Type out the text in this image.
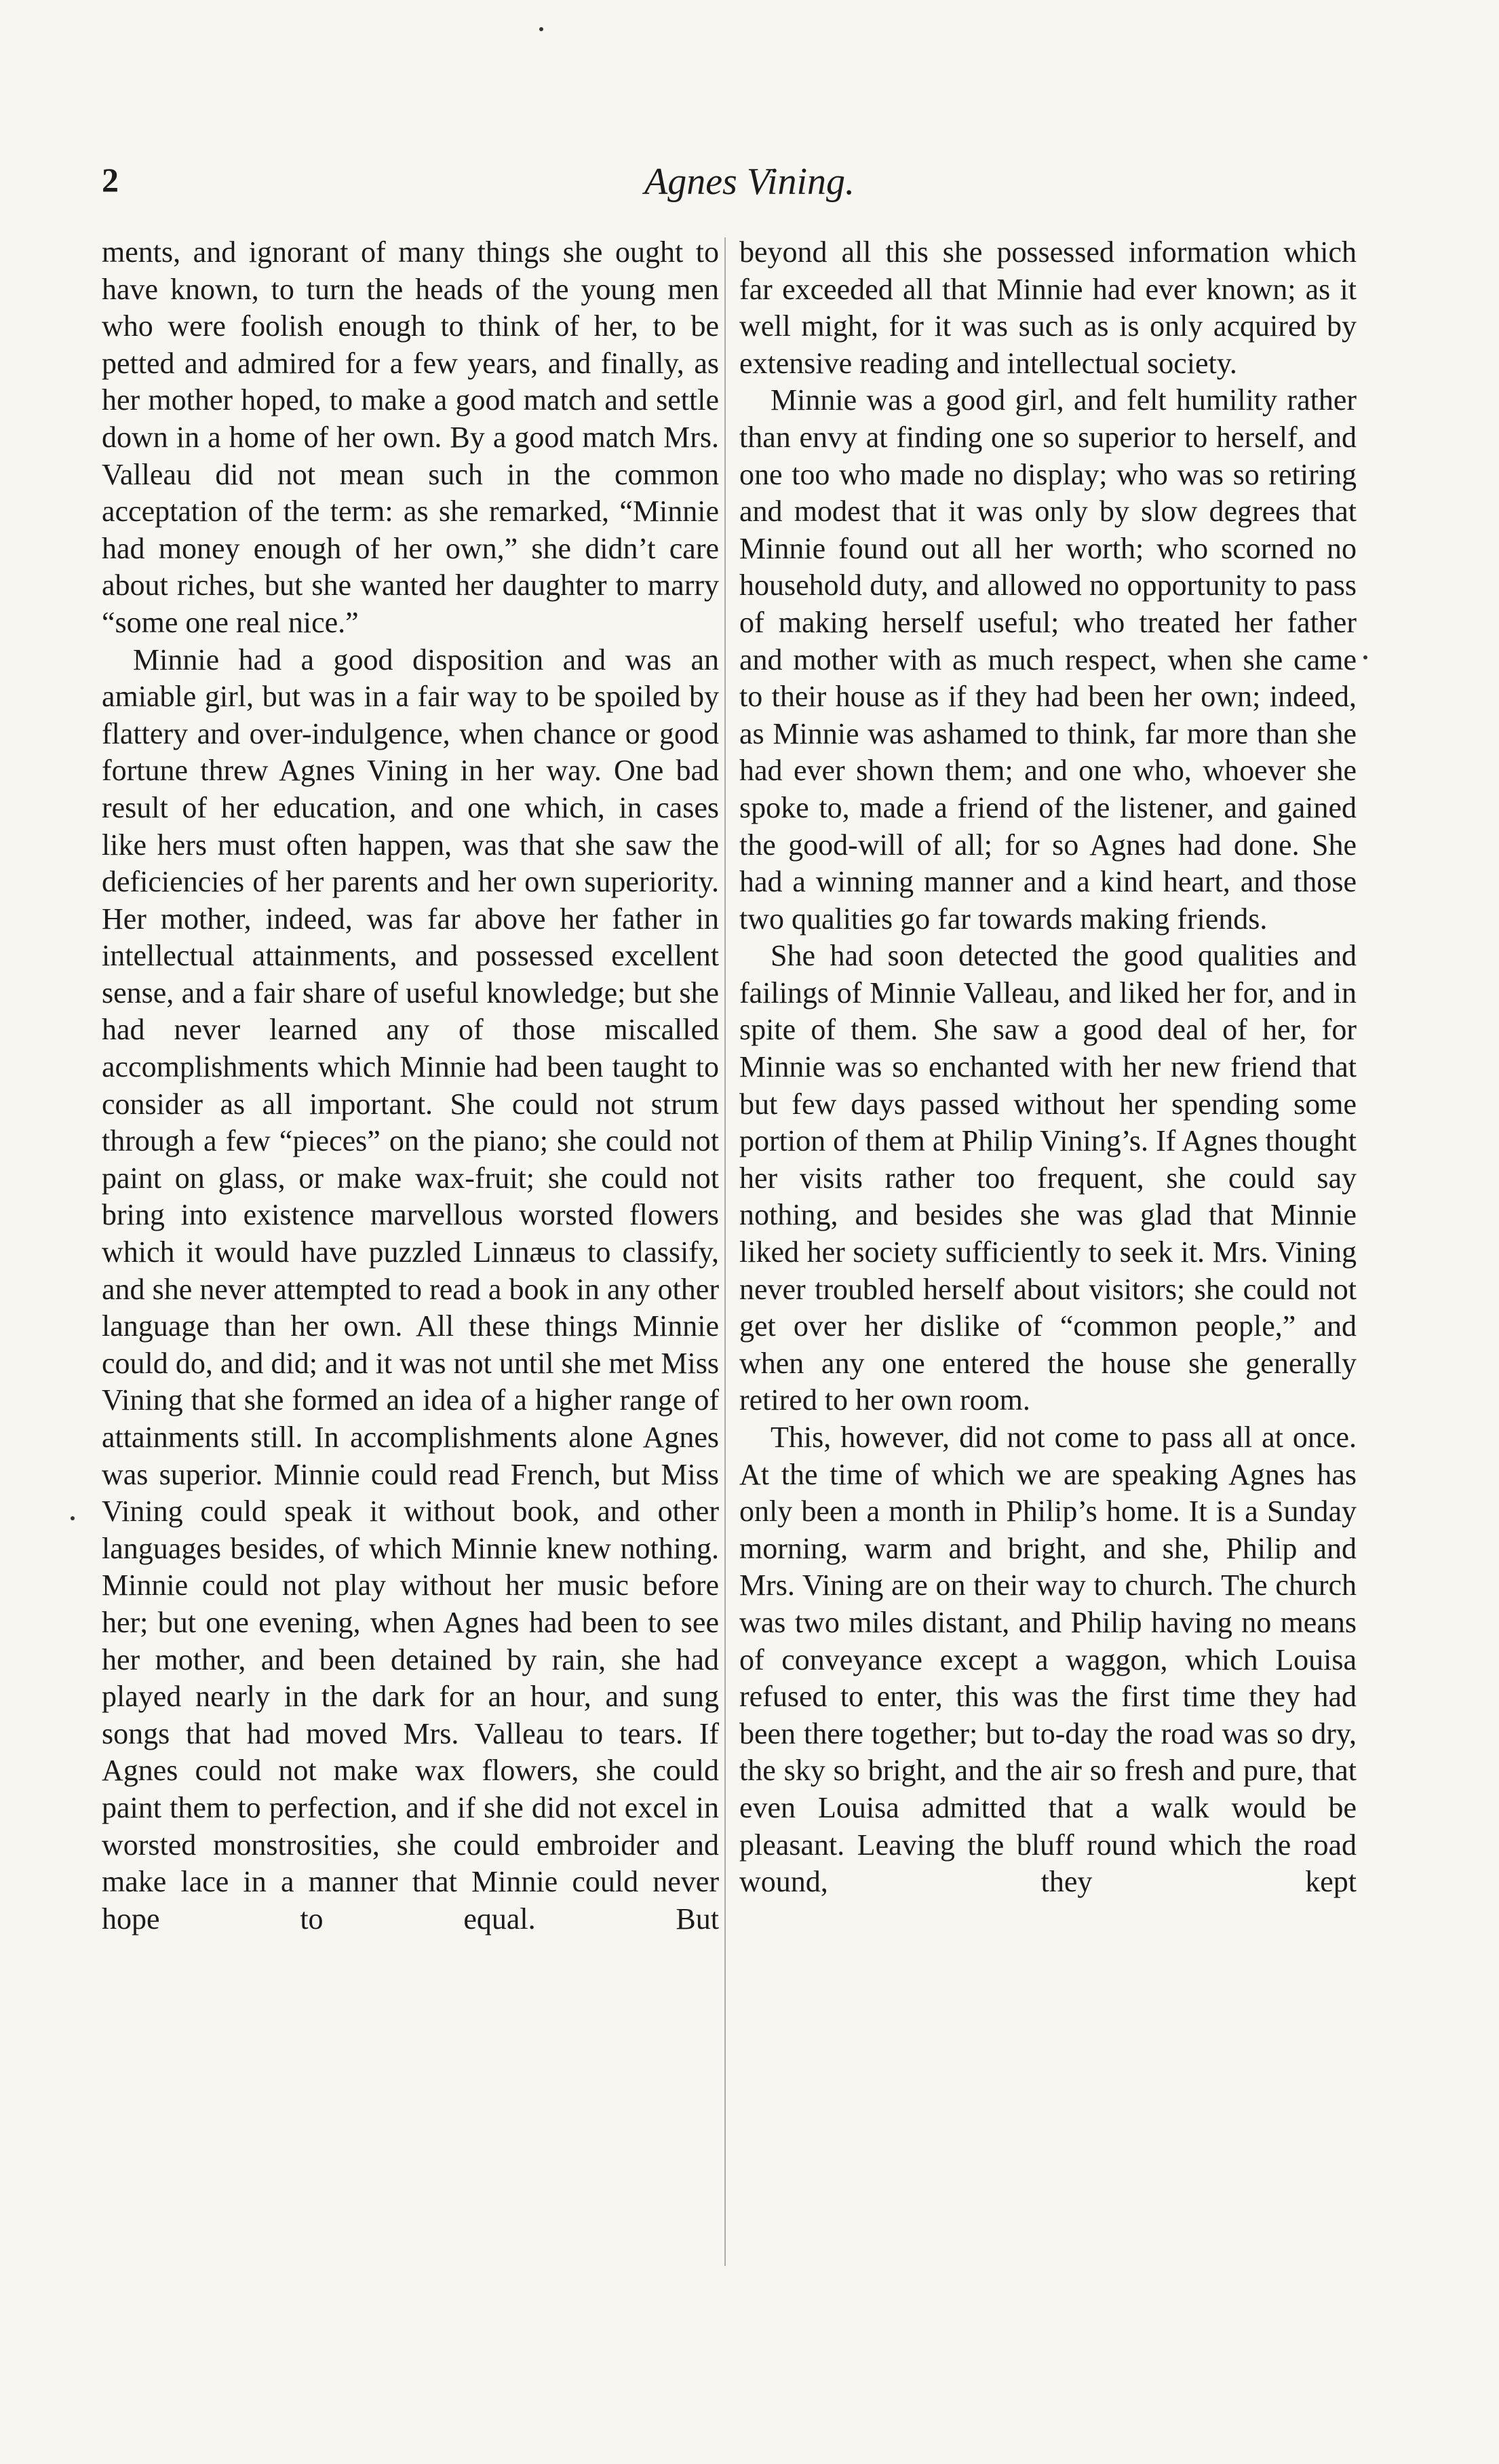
2	Agnes Vining.

ments, and ignorant of many things she ought to have known, to turn the heads of the young men who were foolish enough to think of her, to be petted and admired for a few years, and finally, as her mother hoped, to make a good match and settle down in a home of her own. By a good match Mrs. Valleau did not mean such in the common acceptation of the term: as she remarked, “Minnie had money enough of her own,” she didn’t care about riches, but she wanted her daughter to marry “some one real nice.”

Minnie had a good disposition and was an amiable girl, but was in a fair way to be spoiled by flattery and over-indulgence, when chance or good fortune threw Agnes Vining in her way. One bad result of her education, and one which, in cases like hers must often happen, was that she saw the deficiencies of her parents and her own superiority. Her mother, indeed, was far above her father in intellectual attainments, and possessed excellent sense, and a fair share of useful knowledge; but she had never learned any of those miscalled accomplishments which Minnie had been taught to consider as all important. She could not strum through a few “pieces” on the piano; she could not paint on glass, or make wax-fruit; she could not bring into existence marvellous worsted flowers which it would have puzzled Linnæus to classify, and she never attempted to read a book in any other language than her own. All these things Minnie could do, and did; and it was not until she met Miss Vining that she formed an idea of a higher range of attainments still. In accomplishments alone Agnes was superior. Minnie could read French, but Miss Vining could speak it without book, and other languages besides, of which Minnie knew nothing. Minnie could not play without her music before her; but one evening, when Agnes had been to see her mother, and been detained by rain, she had played nearly in the dark for an hour, and sung songs that had moved Mrs. Valleau to tears. If Agnes could not make wax flowers, she could paint them to perfection, and if she did not excel in worsted monstrosities, she could embroider and make lace in a manner that Minnie could never hope to equal. But

beyond all this she possessed information which far exceeded all that Minnie had ever known; as it well might, for it was such as is only acquired by extensive reading and intellectual society.

Minnie was a good girl, and felt humility rather than envy at finding one so superior to herself, and one too who made no display; who was so retiring and modest that it was only by slow degrees that Minnie found out all her worth; who scorned no household duty, and allowed no opportunity to pass of making herself useful; who treated her father and mother with as much respect, when she came to their house as if they had been her own; indeed, as Minnie was ashamed to think, far more than she had ever shown them; and one who, whoever she spoke to, made a friend of the listener, and gained the good-will of all; for so Agnes had done. She had a winning manner and a kind heart, and those two qualities go far towards making friends.

She had soon detected the good qualities and failings of Minnie Valleau, and liked her for, and in spite of them. She saw a good deal of her, for Minnie was so enchanted with her new friend that but few days passed without her spending some portion of them at Philip Vining’s. If Agnes thought her visits rather too frequent, she could say nothing, and besides she was glad that Minnie liked her society sufficiently to seek it. Mrs. Vining never troubled herself about visitors; she could not get over her dislike of “common people,” and when any one entered the house she generally retired to her own room.

This, however, did not come to pass all at once. At the time of which we are speaking Agnes has only been a month in Philip’s home. It is a Sunday morning, warm and bright, and she, Philip and Mrs. Vining are on their way to church. The church was two miles distant, and Philip having no means of conveyance except a waggon, which Louisa refused to enter, this was the first time they had been there together; but to-day the road was so dry, the sky so bright, and the air so fresh and pure, that even Louisa admitted that a walk would be pleasant. Leaving the bluff round which the road wound, they kept
